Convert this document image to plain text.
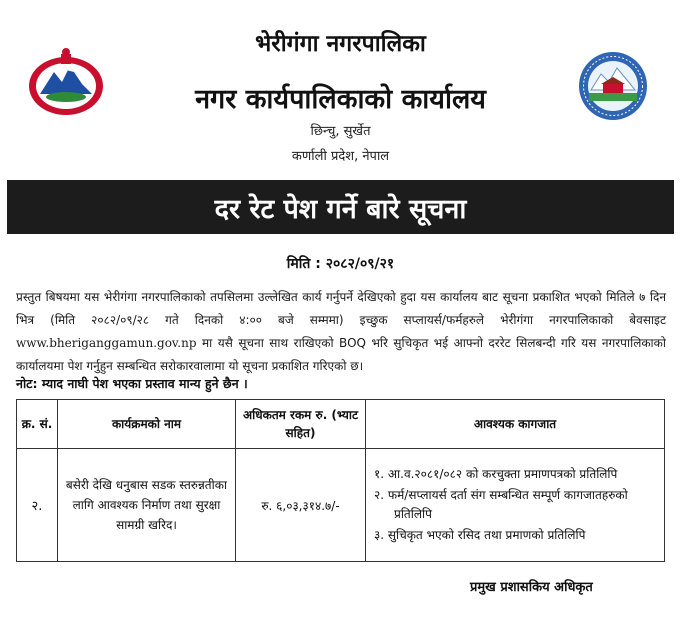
भेरीगंगा नगरपालिका
नगर कार्यपालिकाको कार्यालय
छिन्चु, सुर्खेत
कर्णाली प्रदेश, नेपाल
दर रेट पेश गर्ने बारे सूचना
मिति : २०८२/०९/२१
प्रस्तुत बिषयमा यस भेरीगंगा नगरपालिकाको तपसिलमा उल्लेखित कार्य गर्नुपर्ने देखिएको हुदा यस कार्यालय बाट सूचना प्रकाशित भएको मितिले ७ दिन भित्र (मिति २०८२/०९/२८ गते दिनको ४:०० बजे सम्ममा) इच्छुक सप्लायर्स/फर्महरुले भेरीगंगा नगरपालिकाको बेवसाइट www.bheriganggamun.gov.np मा यसै सूचना साथ राखिएको BOQ भरि सुचिकृत भई आफ्नो दररेट सिलबन्दी गरि यस नगरपालिकाको कार्यालयमा पेश गर्नुहुन सम्बन्धित सरोकारवालामा यो सूचना प्रकाशित गरिएको छ।
नोट: म्याद नाघी पेश भएका प्रस्ताव मान्य हुने छैन ।
क्र. सं.	कार्यक्रमको नाम	अधिकतम रकम रु. (भ्याट सहित)	आवश्यक कागजात
२.	बसेरी देखि धनुबास सडक स्तरुन्नतीका लागि आवश्यक निर्माण तथा सुरक्षा सामग्री खरिद।	रु. ६,०३,३१४.७/-	१. आ.व.२०८१/०८२ को करचुक्ता प्रमाणपत्रको प्रतिलिपि
२. फर्म/सप्लायर्स दर्ता संग सम्बन्धित सम्पूर्ण कागजातहरुको प्रतिलिपि
३. सुचिकृत भएको रसिद तथा प्रमाणको प्रतिलिपि
प्रमुख प्रशासकिय अधिकृत
